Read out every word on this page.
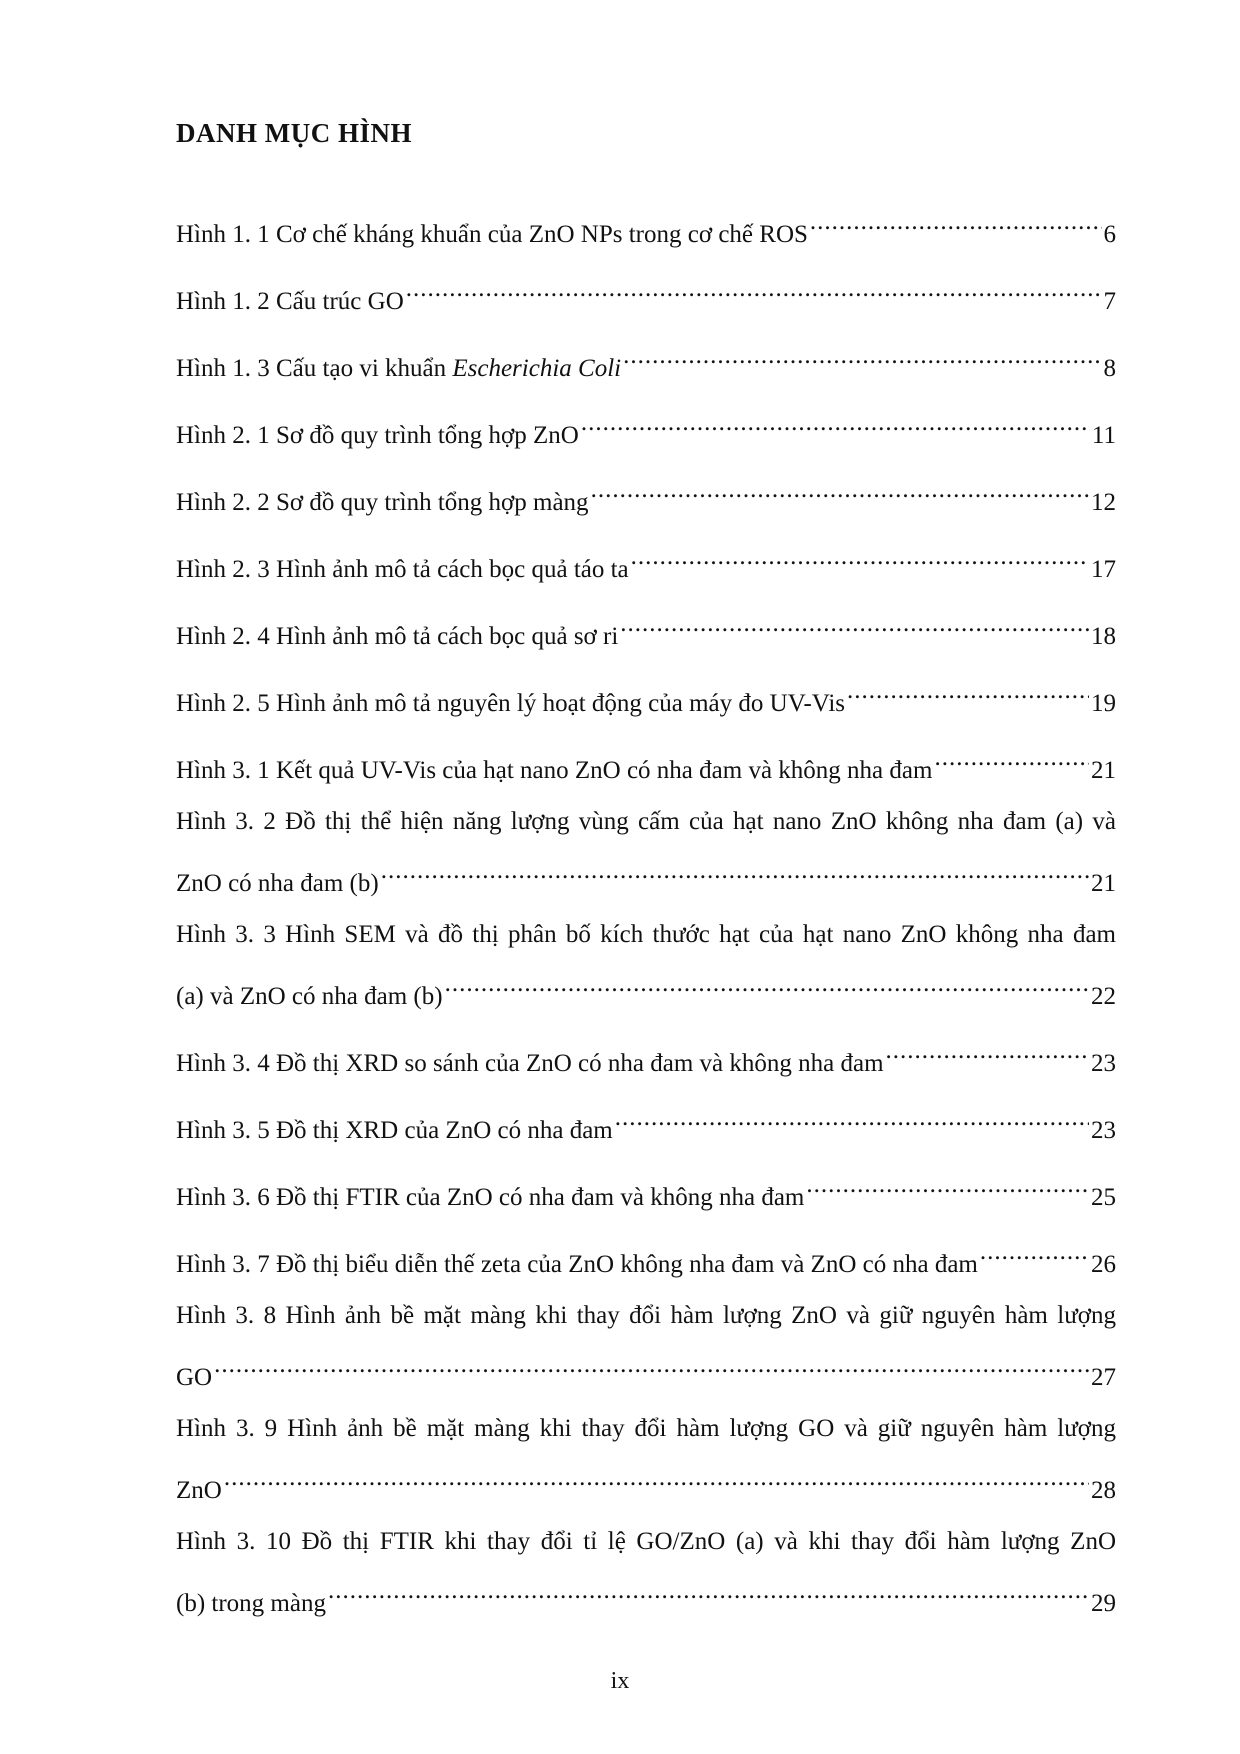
DANH MỤC HÌNH
Hình 1. 1 Cơ chế kháng khuẩn của ZnO NPs trong cơ chế ROS .....	6
Hình 1. 2 Cấu trúc GO .....	7
Hình 1. 3 Cấu tạo vi khuẩn Escherichia Coli .....	8
Hình 2. 1 Sơ đồ quy trình tổng hợp ZnO .....	11
Hình 2. 2 Sơ đồ quy trình tổng hợp màng .....	12
Hình 2. 3 Hình ảnh mô tả cách bọc quả táo ta .....	17
Hình 2. 4 Hình ảnh mô tả cách bọc quả sơ ri .....	18
Hình 2. 5 Hình ảnh mô tả nguyên lý hoạt động của máy đo UV-Vis .....	19
Hình 3. 1 Kết quả UV-Vis của hạt nano ZnO có nha đam và không nha đam .....	21
Hình 3. 2 Đồ thị thể hiện năng lượng vùng cấm của hạt nano ZnO không nha đam (a) và
ZnO có nha đam (b) .....	21
Hình 3. 3 Hình SEM và đồ thị phân bố kích thước hạt của hạt nano ZnO không nha đam
(a) và ZnO có nha đam (b) .....	22
Hình 3. 4 Đồ thị XRD so sánh của ZnO có nha đam và không nha đam .....	23
Hình 3. 5 Đồ thị XRD của ZnO có nha đam .....	23
Hình 3. 6 Đồ thị FTIR của ZnO có nha đam và không nha đam .....	25
Hình 3. 7 Đồ thị biểu diễn thế zeta của ZnO không nha đam và ZnO có nha đam .....	26
Hình 3. 8 Hình ảnh bề mặt màng khi thay đổi hàm lượng ZnO và giữ nguyên hàm lượng
GO .....	27
Hình 3. 9 Hình ảnh bề mặt màng khi thay đổi hàm lượng GO và giữ nguyên hàm lượng
ZnO .....	28
Hình 3. 10 Đồ thị FTIR khi thay đổi tỉ lệ GO/ZnO (a) và khi thay đổi hàm lượng ZnO
(b) trong màng .....	29
ix
